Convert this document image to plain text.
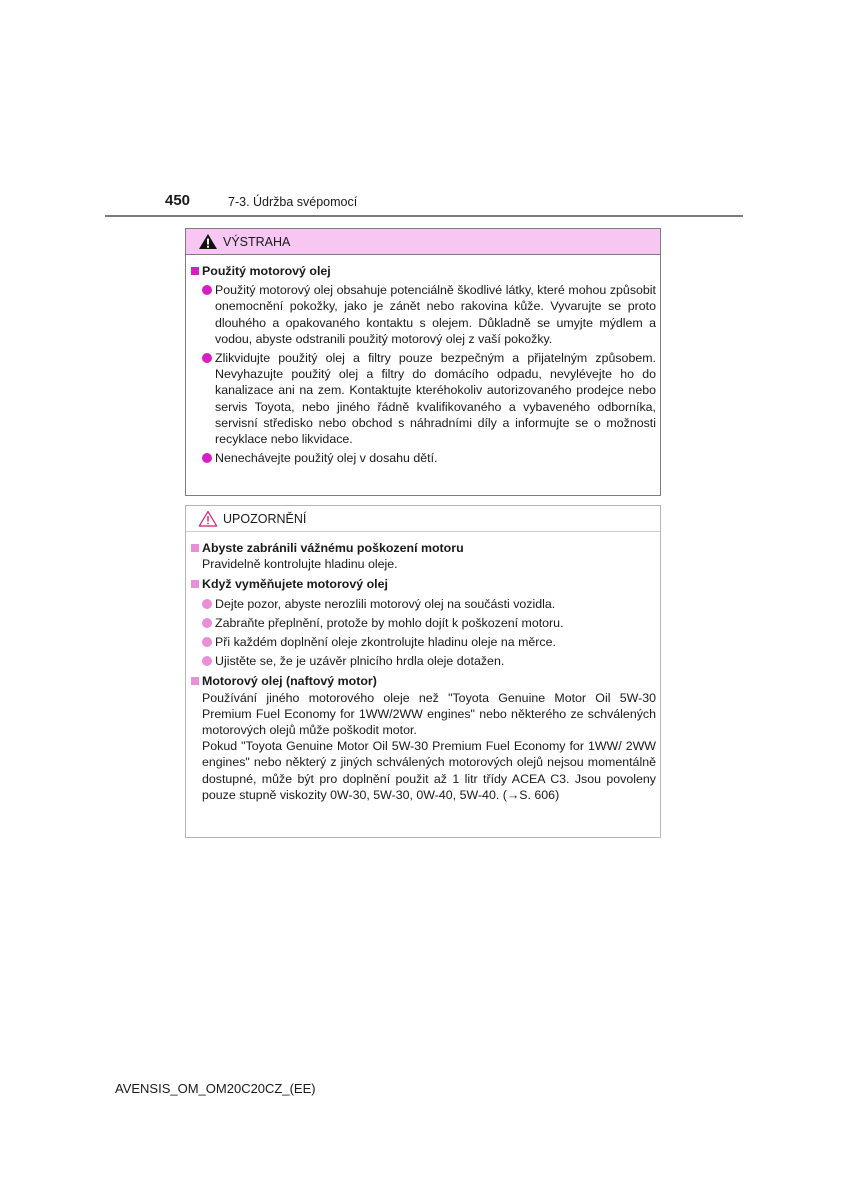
450	7-3. Údržba svépomocí
VÝSTRAHA
Použitý motorový olej
Použitý motorový olej obsahuje potenciálně škodlivé látky, které mohou způsobit onemocnění pokožky, jako je zánět nebo rakovina kůže. Vyvarujte se proto dlouhého a opakovaného kontaktu s olejem. Důkladně se umyjte mýdlem a vodou, abyste odstranili použitý motorový olej z vaší pokožky.
Zlikvidujte použitý olej a filtry pouze bezpečným a přijatelným způsobem. Nevyhazujte použitý olej a filtry do domácího odpadu, nevylévejte ho do kanalizace ani na zem. Kontaktujte kteréhokoliv autorizovaného prodejce nebo servis Toyota, nebo jiného řádně kvalifikovaného a vybaveného odborníka, servisní středisko nebo obchod s náhradními díly a informujte se o možnosti recyklace nebo likvidace.
Nenechávejte použitý olej v dosahu dětí.
UPOZORNĚNÍ
Abyste zabránili vážnému poškození motoru
Pravidelně kontrolujte hladinu oleje.
Když vyměňujete motorový olej
Dejte pozor, abyste nerozlili motorový olej na součásti vozidla.
Zabraňte přeplnění, protože by mohlo dojít k poškození motoru.
Při každém doplnění oleje zkontrolujte hladinu oleje na měrce.
Ujistěte se, že je uzávěr plnicího hrdla oleje dotažen.
Motorový olej (naftový motor)
Používání jiného motorového oleje než "Toyota Genuine Motor Oil 5W-30 Premium Fuel Economy for 1WW/2WW engines" nebo některého ze schválených motorových olejů může poškodit motor.
Pokud "Toyota Genuine Motor Oil 5W-30 Premium Fuel Economy for 1WW/ 2WW engines" nebo některý z jiných schválených motorových olejů nejsou momentálně dostupné, může být pro doplnění použit až 1 litr třídy ACEA C3. Jsou povoleny pouze stupně viskozity 0W-30, 5W-30, 0W-40, 5W-40. (→S. 606)
AVENSIS_OM_OM20C20CZ_(EE)
